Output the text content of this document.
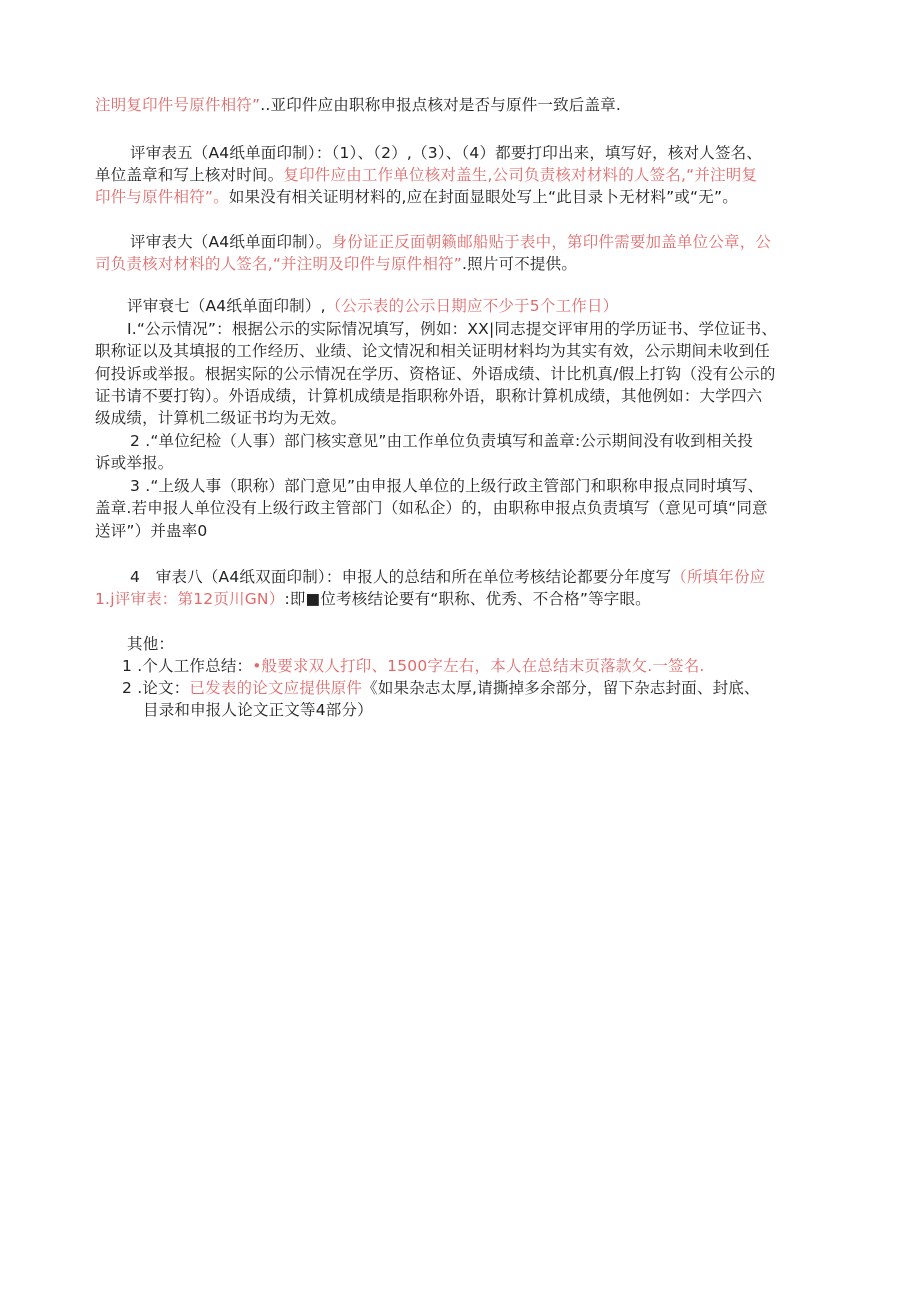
注明复印件号原件相符”..亚印件应由职称申报点核对是否与原件一致后盖章.
评审表五（A4纸单面印制）：（1）、（2）,（3）、（4）都要打印出来，填写好，核对人签名、
单位盖章和写上核对时间。复印件应由工作单位核对盖生,公司负责核对材料的人签名,“并注明复
印件与原件相符”。如果没有相关证明材料的,应在封面显眼处写上“此目录卜无材料”或“无”。
评审表大（A4纸单面印制）。身份证正反面朝籁邮船贴于表中，第印件需要加盖单位公章，公
司负责核对材料的人签名,“并注明及印件与原件相符”.照片可不提供。
评审衰七（A4纸单面印制）,（公示表的公示日期应不少于5个工作日）
I.“公示情况”：根据公示的实际情况填写，例如：XX|同志提交评审用的学历证书、学位证书、
职称证以及其填报的工作经历、业绩、论文情况和相关证明材料均为其实有效，公示期间未收到任
何投诉或举报。根据实际的公示情况在学历、资格证、外语成绩、计比机真/假上打钩（没有公示的
证书请不要打钩）。外语成绩，计算机成绩是指职称外语，职称计算机成绩，其他例如：大学四六
级成绩，计算机二级证书均为无效。
2 .“单位纪检（人事）部门核实意见”由工作单位负责填写和盖章:公示期间没有收到相关投
诉或举报。
3 .“上级人事（职称）部门意见”由申报人单位的上级行政主管部门和职称申报点同时填写、
盖章.若申报人单位没有上级行政主管部门（如私企）的，由职称申报点负责填写（意见可填“同意
送评”）并蛊率0
4　审表八（A4纸双面印制）：申报人的总结和所在单位考核结论都要分年度写（所填年份应
1.j评审表：第12页川GN）:即■位考核结论要有“职称、优秀、不合格”等字眼。
其他：
1 .个人工作总结：•般要求双人打印、1500字左右，本人在总结末页落款攵.一签名.
2 .论文：已发表的论文应提供原件《如果杂志太厚,请撕掉多余部分，留下杂志封面、封底、
目录和申报人论文正文等4部分）
